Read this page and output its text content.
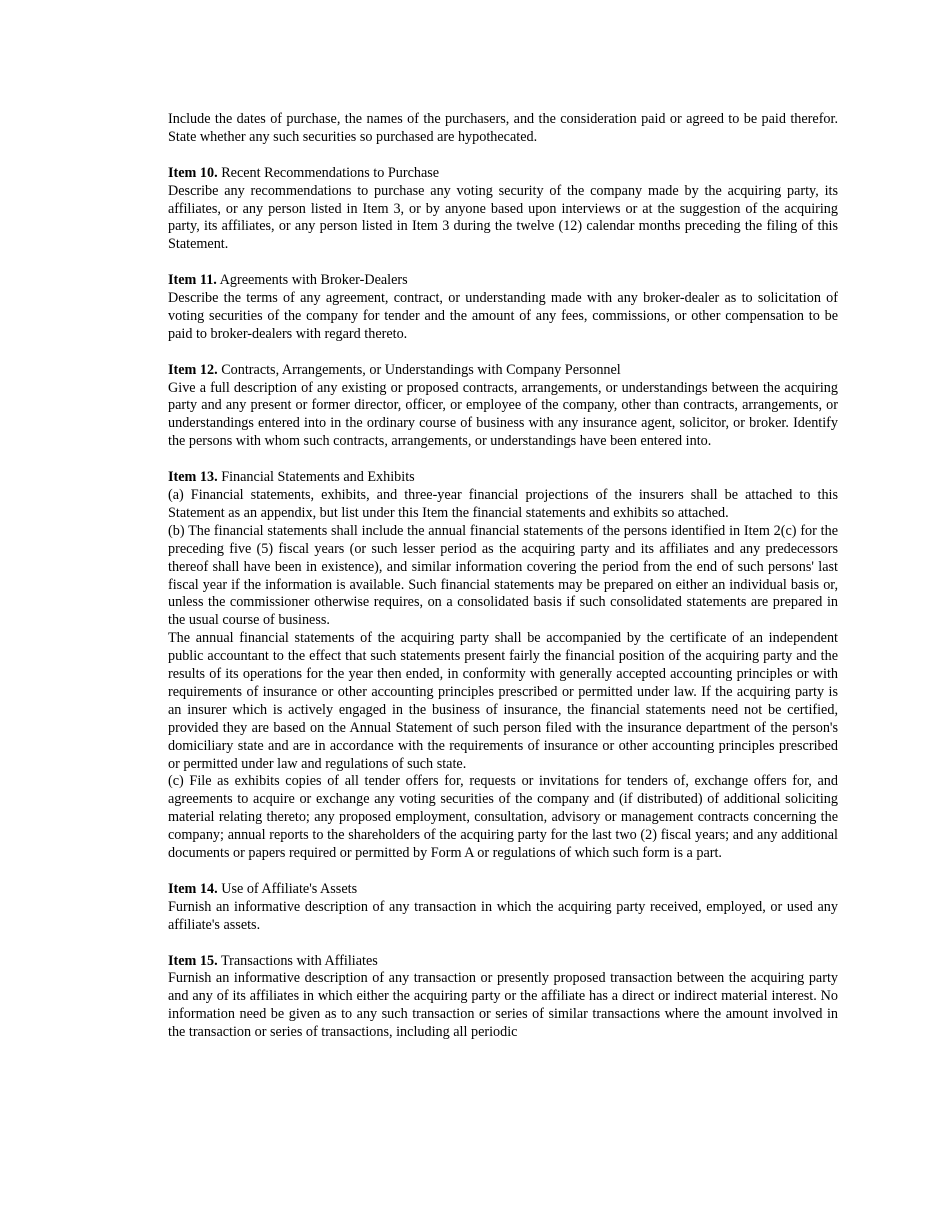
Include the dates of purchase, the names of the purchasers, and the consideration paid or agreed to be paid therefor. State whether any such securities so purchased are hypothecated.

Item 10. Recent Recommendations to Purchase

Describe any recommendations to purchase any voting security of the company made by the acquiring party, its affiliates, or any person listed in Item 3, or by anyone based upon interviews or at the suggestion of the acquiring party, its affiliates, or any person listed in Item 3 during the twelve (12) calendar months preceding the filing of this Statement.

Item 11. Agreements with Broker-Dealers

Describe the terms of any agreement, contract, or understanding made with any broker-dealer as to solicitation of voting securities of the company for tender and the amount of any fees, commissions, or other compensation to be paid to broker-dealers with regard thereto.

Item 12. Contracts, Arrangements, or Understandings with Company Personnel

Give a full description of any existing or proposed contracts, arrangements, or understandings between the acquiring party and any present or former director, officer, or employee of the company, other than contracts, arrangements, or understandings entered into in the ordinary course of business with any insurance agent, solicitor, or broker. Identify the persons with whom such contracts, arrangements, or understandings have been entered into.

Item 13. Financial Statements and Exhibits

(a) Financial statements, exhibits, and three-year financial projections of the insurers shall be attached to this Statement as an appendix, but list under this Item the financial statements and exhibits so attached.

(b) The financial statements shall include the annual financial statements of the persons identified in Item 2(c) for the preceding five (5) fiscal years (or such lesser period as the acquiring party and its affiliates and any predecessors thereof shall have been in existence), and similar information covering the period from the end of such persons' last fiscal year if the information is available. Such financial statements may be prepared on either an individual basis or, unless the commissioner otherwise requires, on a consolidated basis if such consolidated statements are prepared in the usual course of business.

The annual financial statements of the acquiring party shall be accompanied by the certificate of an independent public accountant to the effect that such statements present fairly the financial position of the acquiring party and the results of its operations for the year then ended, in conformity with generally accepted accounting principles or with requirements of insurance or other accounting principles prescribed or permitted under law. If the acquiring party is an insurer which is actively engaged in the business of insurance, the financial statements need not be certified, provided they are based on the Annual Statement of such person filed with the insurance department of the person's domiciliary state and are in accordance with the requirements of insurance or other accounting principles prescribed or permitted under law and regulations of such state.

(c) File as exhibits copies of all tender offers for, requests or invitations for tenders of, exchange offers for, and agreements to acquire or exchange any voting securities of the company and (if distributed) of additional soliciting material relating thereto; any proposed employment, consultation, advisory or management contracts concerning the company; annual reports to the shareholders of the acquiring party for the last two (2) fiscal years; and any additional documents or papers required or permitted by Form A or regulations of which such form is a part.

Item 14. Use of Affiliate's Assets

Furnish an informative description of any transaction in which the acquiring party received, employed, or used any affiliate's assets.

Item 15. Transactions with Affiliates

Furnish an informative description of any transaction or presently proposed transaction between the acquiring party and any of its affiliates in which either the acquiring party or the affiliate has a direct or indirect material interest. No information need be given as to any such transaction or series of similar transactions where the amount involved in the transaction or series of transactions, including all periodic
